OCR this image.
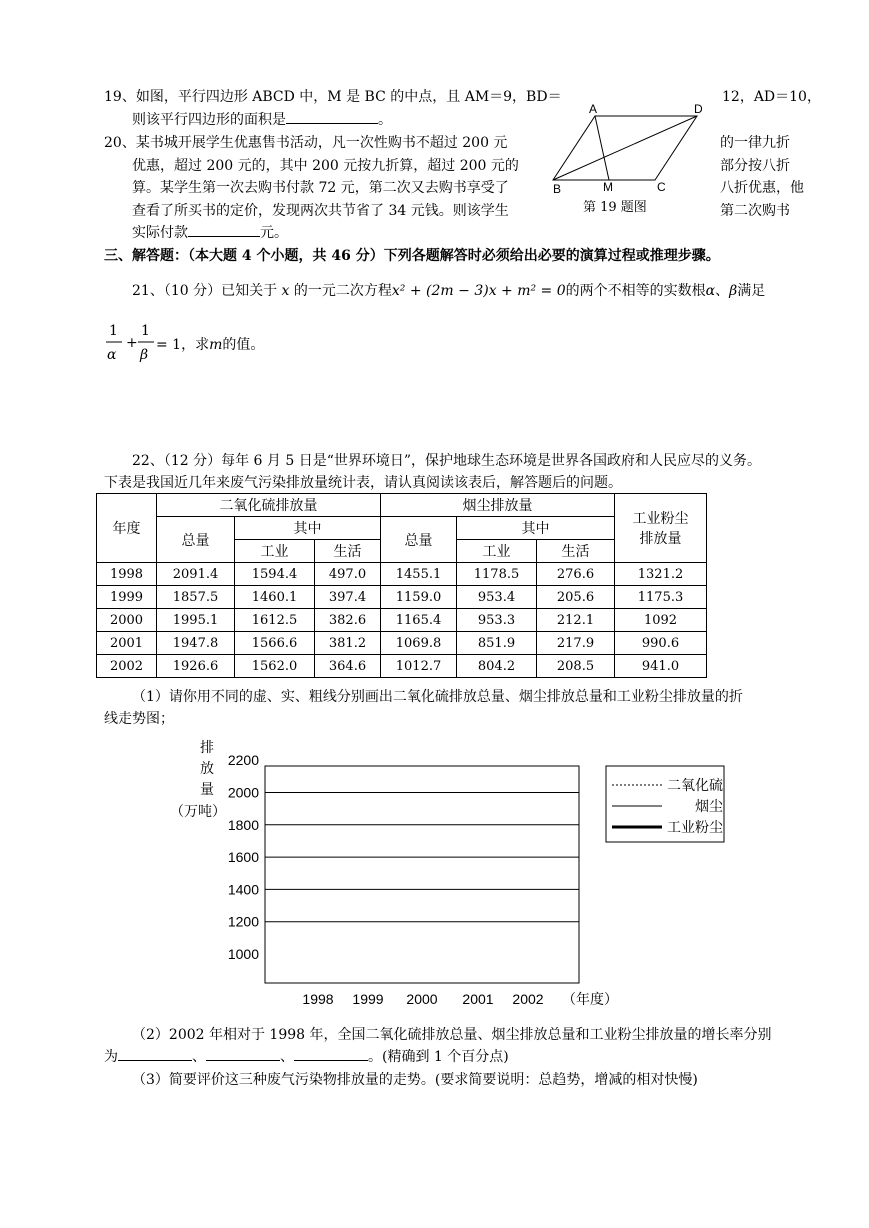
19、如图，平行四边形 ABCD 中，M 是 BC 的中点，且 AM＝9，BD＝	12，AD＝10，
则该平行四边形的面积是	。
A	D
B	M	C
第 19 题图
20、某书城开展学生优惠售书活动，凡一次性购书不超过 200 元	的一律九折
优惠，超过 200 元的，其中 200 元按九折算，超过 200 元的	部分按八折
算。某学生第一次去购书付款 72 元，第二次又去购书享受了	八折优惠，他
查看了所买书的定价，发现两次共节省了 34 元钱。则该学生	第二次购书
实际付款	元。
三、解答题：（本大题 4 个小题，共 46 分）下列各题解答时必须给出必要的演算过程或推理步骤。
21、（10 分）已知关于 x 的一元二次方程x² + (2m − 3)x + m² = 0的两个不相等的实数根α、β满足
1
α
+
1
β
= 1，求m的值。
22、（12 分）每年 6 月 5 日是“世界环境日”，保护地球生态环境是世界各国政府和人民应尽的义务。
下表是我国近几年来废气污染排放量统计表，请认真阅读该表后，解答题后的问题。
年度	二氧化硫排放量			烟尘排放量			工业粉尘
排放量

	总量	其中		总量	其中		
		工业	生活		工业	生活	
1998	2091.4	1594.4	497.0	1455.1	1178.5	276.6	1321.2
1999	1857.5	1460.1	397.4	1159.0	953.4	205.6	1175.3
2000	1995.1	1612.5	382.6	1165.4	953.3	212.1	1092
2001	1947.8	1566.6	381.2	1069.8	851.9	217.9	990.6
2002	1926.6	1562.0	364.6	1012.7	804.2	208.5	941.0
（1）请你用不同的虚、实、粗线分别画出二氧化硫排放总量、烟尘排放总量和工业粉尘排放量的折
线走势图；
排
放
量
（万吨）
2200
2000
1800
1600
1400
1200
1000
1998 1999 2000 2001 2002 （年度）
二氧化硫
烟尘
工业粉尘
（2）2002 年相对于 1998 年，全国二氧化硫排放总量、烟尘排放总量和工业粉尘排放量的增长率分别
为	、	、	。(精确到 1 个百分点)
（3）简要评价这三种废气污染物排放量的走势。(要求简要说明：总趋势，增减的相对快慢)
